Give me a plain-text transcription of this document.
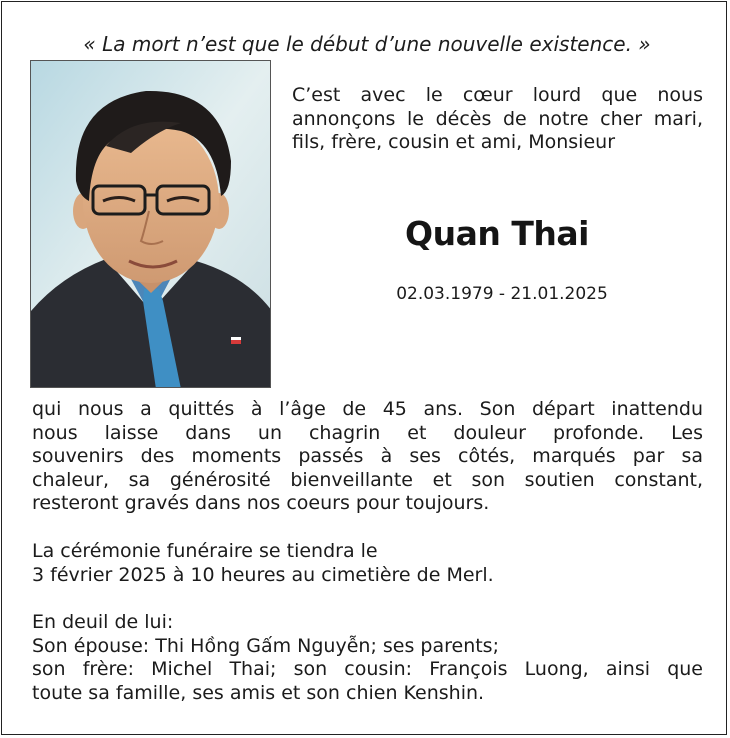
« La mort n’est que le début d’une nouvelle existence. »
C’est avec le cœur lourd que nous annonçons le décès de notre cher mari, fils, frère, cousin et ami, Monsieur
Quan Thai
02.03.1979 - 21.01.2025
qui nous a quittés à l’âge de 45 ans. Son départ inattendu
nous laisse dans un chagrin et douleur profonde. Les
souvenirs des moments passés à ses côtés, marqués par sa
chaleur, sa générosité bienveillante et son soutien constant,
resteront gravés dans nos coeurs pour toujours.
La cérémonie funéraire se tiendra le
3 février 2025 à 10 heures au cimetière de Merl.
En deuil de lui:
Son épouse: Thi Hồng Gấm Nguyễn; ses parents;
son frère: Michel Thai; son cousin: François Luong, ainsi que
toute sa famille, ses amis et son chien Kenshin.
